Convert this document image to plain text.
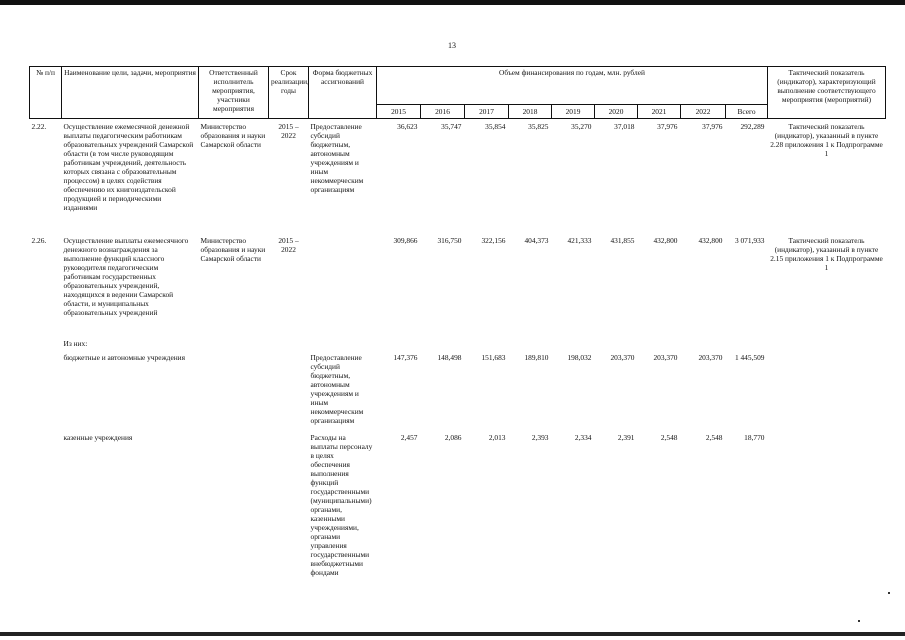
13
№ п/п	Наименование цели, задачи, мероприятия	Ответственный исполнитель мероприятия, участники мероприятия	Срок реализации, годы	Форма бюджетных ассигнований	Объем финансирования по годам, млн. рублей									Тактический показатель (индикатор), характеризующий выполнение соответствующего мероприятия (мероприятий)
					2015	2016	2017	2018	2019	2020	2021	2022	Всего	
2.22.	Осуществление ежемесячной денежной выплаты педагогическим работникам образовательных учреждений Самарской области (в том числе руководящим работникам учреждений, деятельность которых связана с образовательным процессом) в целях содействия обеспечению их книгоиздательской продукцией и периодическими изданиями	Министерство образования и науки Самарской области	2015 – 2022	Предоставление субсидий бюджетным, автономным учреждениям и иным некоммерческим организациям	36,623	35,747	35,854	35,825	35,270	37,018	37,976	37,976	292,289	Тактический показатель (индикатор), указанный в пункте 2.28 приложения 1 к Подпрограмме 1
2.26.	Осуществление выплаты ежемесячного денежного вознаграждения за выполнение функций классного руководителя педагогическим работникам государственных образовательных учреждений, находящихся в ведении Самарской области, и муниципальных образовательных учреждений	Министерство образования и науки Самарской области	2015 – 2022		309,866	316,750	322,156	404,373	421,333	431,855	432,800	432,800	3 071,933	Тактический показатель (индикатор), указанный в пункте 2.15 приложения 1 к Подпрограмме 1
	Из них:													
	бюджетные и автономные учреждения			Предоставление субсидий бюджетным, автономным учреждениям и иным некоммерческим организациям	147,376	148,498	151,683	189,810	198,032	203,370	203,370	203,370	1 445,509	
	казенные учреждения			Расходы на выплаты персоналу в целях обеспечения выполнения функций государственными (муниципальными) органами, казенными учреждениями, органами управления государственными внебюджетными фондами	2,457	2,086	2,013	2,393	2,334	2,391	2,548	2,548	18,770	
